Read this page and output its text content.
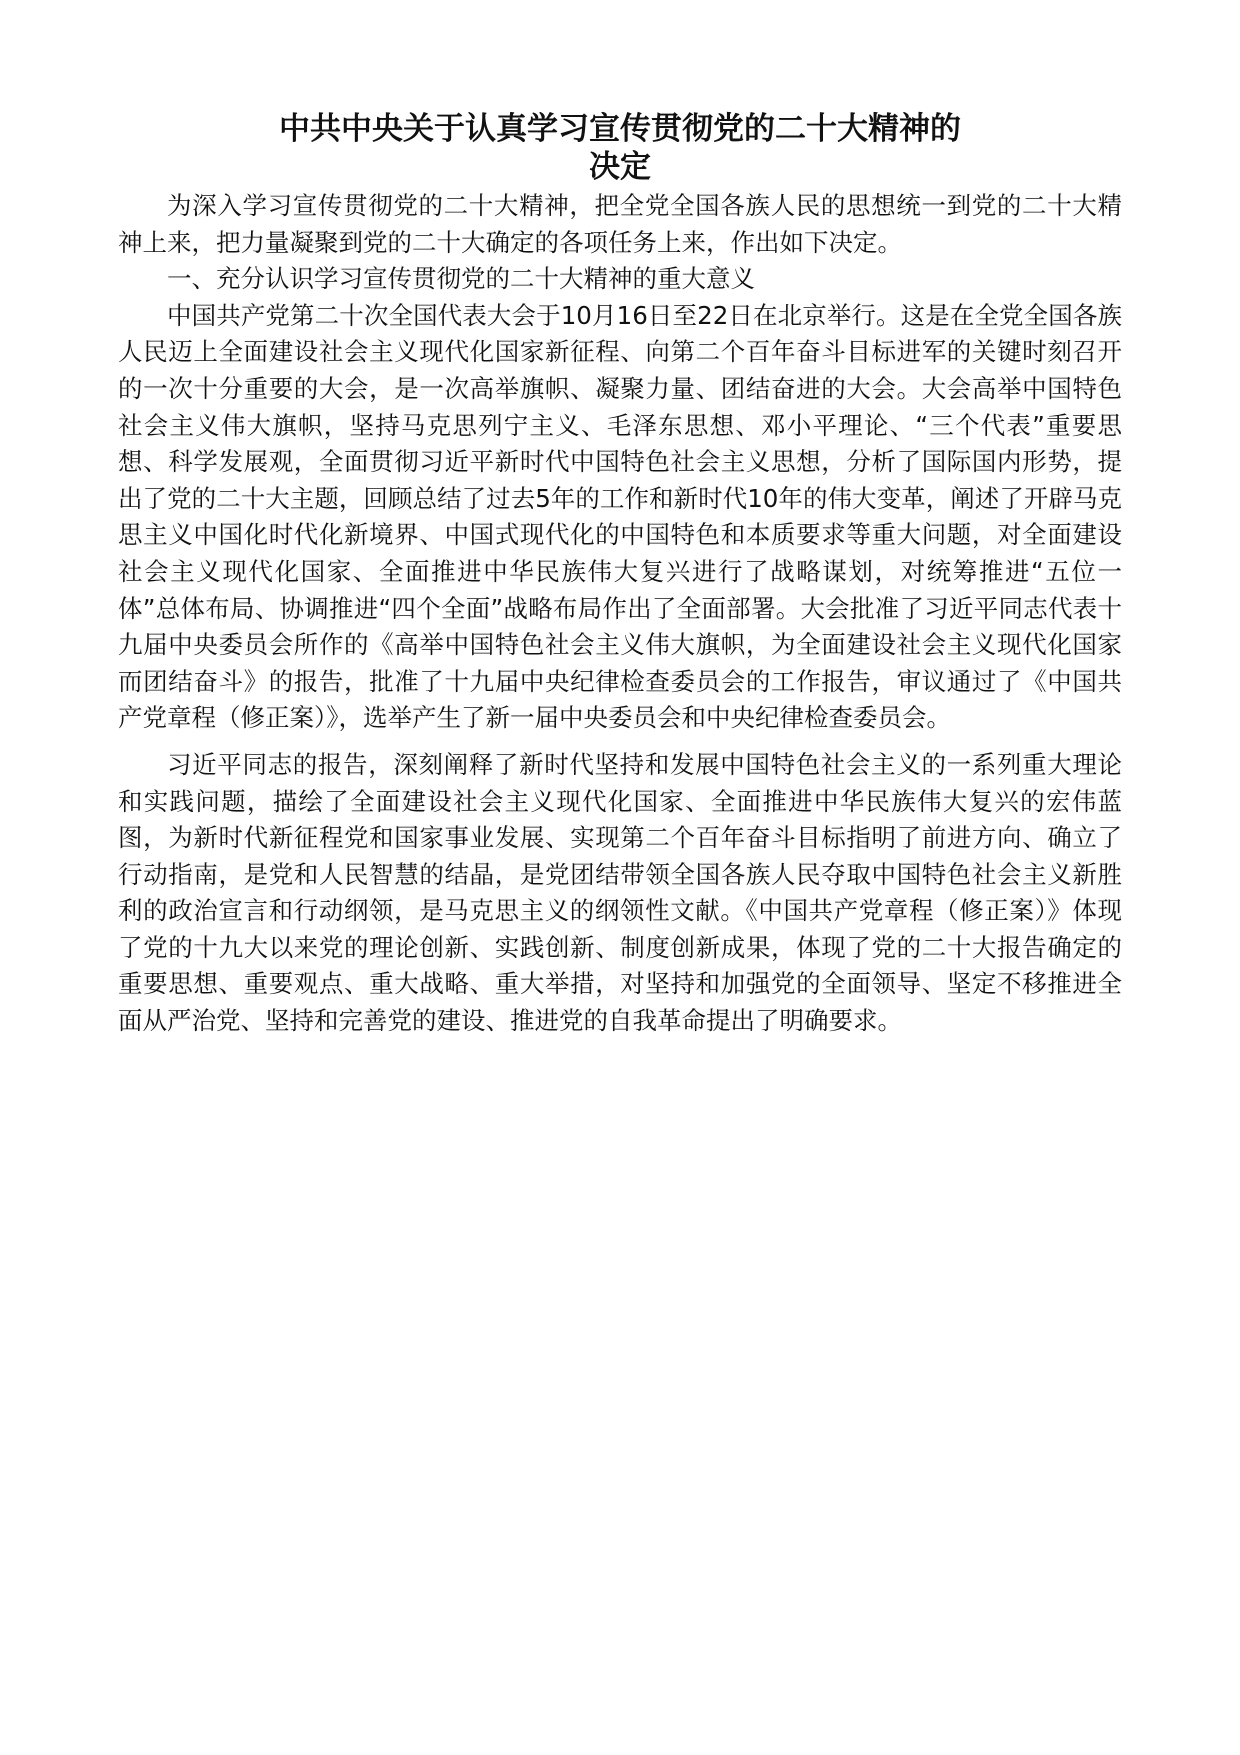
中共中央关于认真学习宣传贯彻党的二十大精神的
决定

为深入学习宣传贯彻党的二十大精神，把全党全国各族人民的思想统一到党的二十大精神上来，把力量凝聚到党的二十大确定的各项任务上来，作出如下决定。

一、充分认识学习宣传贯彻党的二十大精神的重大意义

中国共产党第二十次全国代表大会于10月16日至22日在北京举行。这是在全党全国各族人民迈上全面建设社会主义现代化国家新征程、向第二个百年奋斗目标进军的关键时刻召开的一次十分重要的大会，是一次高举旗帜、凝聚力量、团结奋进的大会。大会高举中国特色社会主义伟大旗帜，坚持马克思列宁主义、毛泽东思想、邓小平理论、“三个代表”重要思想、科学发展观，全面贯彻习近平新时代中国特色社会主义思想，分析了国际国内形势，提出了党的二十大主题，回顾总结了过去5年的工作和新时代10年的伟大变革，阐述了开辟马克思主义中国化时代化新境界、中国式现代化的中国特色和本质要求等重大问题，对全面建设社会主义现代化国家、全面推进中华民族伟大复兴进行了战略谋划，对统筹推进“五位一体”总体布局、协调推进“四个全面”战略布局作出了全面部署。大会批准了习近平同志代表十九届中央委员会所作的《高举中国特色社会主义伟大旗帜，为全面建设社会主义现代化国家而团结奋斗》的报告，批准了十九届中央纪律检查委员会的工作报告，审议通过了《中国共产党章程（修正案）》，选举产生了新一届中央委员会和中央纪律检查委员会。

习近平同志的报告，深刻阐释了新时代坚持和发展中国特色社会主义的一系列重大理论和实践问题，描绘了全面建设社会主义现代化国家、全面推进中华民族伟大复兴的宏伟蓝图，为新时代新征程党和国家事业发展、实现第二个百年奋斗目标指明了前进方向、确立了行动指南，是党和人民智慧的结晶，是党团结带领全国各族人民夺取中国特色社会主义新胜利的政治宣言和行动纲领，是马克思主义的纲领性文献。《中国共产党章程（修正案）》体现了党的十九大以来党的理论创新、实践创新、制度创新成果，体现了党的二十大报告确定的重要思想、重要观点、重大战略、重大举措，对坚持和加强党的全面领导、坚定不移推进全面从严治党、坚持和完善党的建设、推进党的自我革命提出了明确要求。
